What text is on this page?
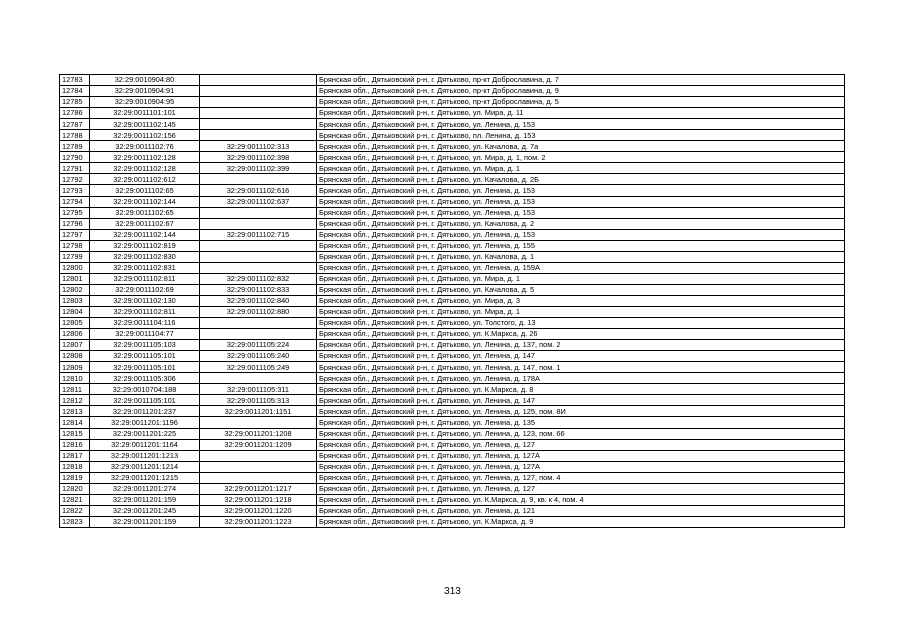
12783	32:29:0010904:80		Брянская обл., Дятьковский р-н, г. Дятьково, пр-кт Доброславина, д. 7
12784	32:29:0010904:91		Брянская обл., Дятьковский р-н, г. Дятьково, пр-кт Доброславина, д. 9
12785	32:29:0010904:95		Брянская обл., Дятьковский р-н, г. Дятьково, пр-кт Доброславина, д. 5
12786	32:29:0011101:101		Брянская обл., Дятьковский р-н, г. Дятьково, ул. Мира, д. 11
12787	32:29:0011102:145		Брянская обл., Дятьковский р-н, г. Дятьково, ул. Ленина, д. 153
12788	32:29:0011102:156		Брянская обл., Дятьковский р-н, г. Дятьково, пл. Ленина, д. 153
12789	32:29:0011102:76	32:29:0011102:313	Брянская обл., Дятьковский р-н, г. Дятьково, ул. Качалова, д. 7а
12790	32:29:0011102:128	32:29:0011102:398	Брянская обл., Дятьковский р-н, г. Дятьково, ул. Мира, д. 1, пом. 2
12791	32:29:0011102:128	32:29:0011102:399	Брянская обл., Дятьковский р-н, г. Дятьково, ул. Мира, д. 1
12792	32:29:0011102:612		Брянская обл., Дятьковский р-н, г. Дятьково, ул. Качалова, д. 2Б
12793	32:29:0011102:65	32:29:0011102:616	Брянская обл., Дятьковский р-н, г. Дятьково, ул. Ленина, д. 153
12794	32:29:0011102:144	32:29:0011102:637	Брянская обл., Дятьковский р-н, г. Дятьково, ул. Ленина, д. 153
12795	32:29:0011102:65		Брянская обл., Дятьковский р-н, г. Дятьково, ул. Ленина, д. 153
12796	32:29:0011102:67		Брянская обл., Дятьковский р-н, г. Дятьково, ул. Качалова, д. 2
12797	32:29:0011102:144	32:29:0011102:715	Брянская обл., Дятьковский р-н, г. Дятьково, ул. Ленина, д. 153
12798	32:29:0011102:819		Брянская обл., Дятьковский р-н, г. Дятьково, ул. Ленина, д. 155
12799	32:29:0011102:830		Брянская обл., Дятьковский р-н, г. Дятьково, ул. Качалова, д. 1
12800	32:29:0011102:831		Брянская обл., Дятьковский р-н, г. Дятьково, ул. Ленина, д. 159А
12801	32:29:0011102:811	32:29:0011102:832	Брянская обл., Дятьковский р-н, г. Дятьково, ул. Мира, д. 1
12802	32:29:0011102:69	32:29:0011102:833	Брянская обл., Дятьковский р-н, г. Дятьково, ул. Качалова, д. 5
12803	32:29:0011102:130	32:29:0011102:840	Брянская обл., Дятьковский р-н, г. Дятьково, ул. Мира, д. 3
12804	32:29:0011102:811	32:29:0011102:880	Брянская обл., Дятьковский р-н, г. Дятьково, ул. Мира, д. 1
12805	32:29:0011104:116		Брянская обл., Дятьковский р-н, г. Дятьково, ул. Толстого, д. 13
12806	32:29:0011104:77		Брянская обл., Дятьковский р-н, г. Дятьково, ул. К.Маркса, д. 26
12807	32:29:0011105:103	32:29:0011105:224	Брянская обл., Дятьковский р-н, г. Дятьково, ул. Ленина, д. 137, пом. 2
12808	32:29:0011105:101	32:29:0011105:240	Брянская обл., Дятьковский р-н, г. Дятьково, ул. Ленина, д. 147
12809	32:29:0011105:101	32:29:0011105:249	Брянская обл., Дятьковский р-н, г. Дятьково, ул. Ленина, д. 147, пом. 1
12810	32:29:0011105:306		Брянская обл., Дятьковский р-н, г. Дятьково, ул. Ленина, д. 178А
12811	32:29:0010704:188	32:29:0011105:311	Брянская обл., Дятьковский р-н, г. Дятьково, ул. К.Маркса, д. 8
12812	32:29:0011105:101	32:29:0011105:313	Брянская обл., Дятьковский р-н, г. Дятьково, ул. Ленина, д. 147
12813	32:29:0011201:237	32:29:0011201:1151	Брянская обл., Дятьковский р-н, г. Дятьково, ул. Ленина, д. 125, пом. 8И
12814	32:29:0011201:1196		Брянская обл., Дятьковский р-н, г. Дятьково, ул. Ленина, д. 135
12815	32:29:0011201:225	32:29:0011201:1208	Брянская обл., Дятьковский р-н, г. Дятьково, ул. Ленина, д. 123, пом. 66
12816	32:29:0011201:1164	32:29:0011201:1209	Брянская обл., Дятьковский р-н, г. Дятьково, ул. Ленина, д. 127
12817	32:29:0011201:1213		Брянская обл., Дятьковский р-н, г. Дятьково, ул. Ленина, д. 127А
12818	32:29:0011201:1214		Брянская обл., Дятьковский р-н, г. Дятьково, ул. Ленина, д. 127А
12819	32:29:0011201:1215		Брянская обл., Дятьковский р-н, г. Дятьково, ул. Ленина, д. 127, пом. 4
12820	32:29:0011201:274	32:29:0011201:1217	Брянская обл., Дятьковский р-н, г. Дятьково, ул. Ленина, д. 127
12821	32:29:0011201:159	32:29:0011201:1218	Брянская обл., Дятьковский р-н, г. Дятьково, ул. К.Маркса, д. 9, кв. к 4, пом. 4
12822	32:29:0011201:245	32:29:0011201:1220	Брянская обл., Дятьковский р-н, г. Дятьково, ул. Ленина, д. 121
12823	32:29:0011201:159	32:29:0011201:1223	Брянская обл., Дятьковский р-н, г. Дятьково, ул. К.Маркса, д. 9
313
